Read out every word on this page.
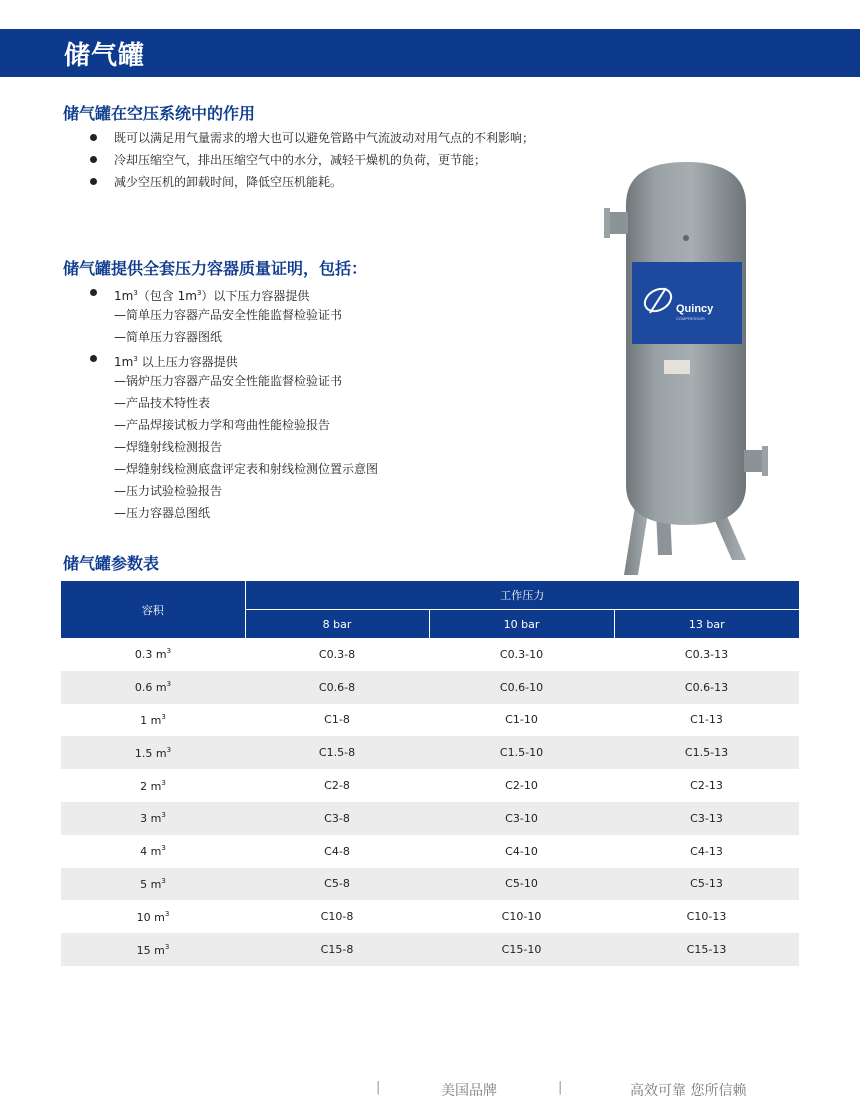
储气罐
储气罐在空压系统中的作用
既可以满足用气量需求的增大也可以避免管路中气流波动对用气点的不利影响；
冷却压缩空气，排出压缩空气中的水分，减轻干燥机的负荷，更节能；
减少空压机的卸载时间，降低空压机能耗。
储气罐提供全套压力容器质量证明，包括：
$1m^3$（包含 $1m^3$）以下压力容器提供
—简单压力容器产品安全性能监督检验证书
—简单压力容器图纸
$1m^3$ 以上压力容器提供
—锅炉压力容器产品安全性能监督检验证书
—产品技术特性表
—产品焊接试板力学和弯曲性能检验报告
—焊缝射线检测报告
—焊缝射线检测底盘评定表和射线检测位置示意图
—压力试验检验报告
—压力容器总图纸
Quincy
COMPRESSOR
储气罐参数表
容积	工作压力		
	8 bar	10 bar	13 bar
0.3 $m^3$	C0.3-8	C0.3-10	C0.3-13
0.6 $m^3$	C0.6-8	C0.6-10	C0.6-13
1 $m^3$	C1-8	C1-10	C1-13
1.5 $m^3$	C1.5-8	C1.5-10	C1.5-13
2 $m^3$	C2-8	C2-10	C2-13
3 $m^3$	C3-8	C3-10	C3-13
4 $m^3$	C4-8	C4-10	C4-13
5 $m^3$	C5-8	C5-10	C5-13
10 $m^3$	C10-8	C10-10	C10-13
15 $m^3$	C15-8	C15-10	C15-13
|	美国品牌	|	高效可靠 您所信赖
